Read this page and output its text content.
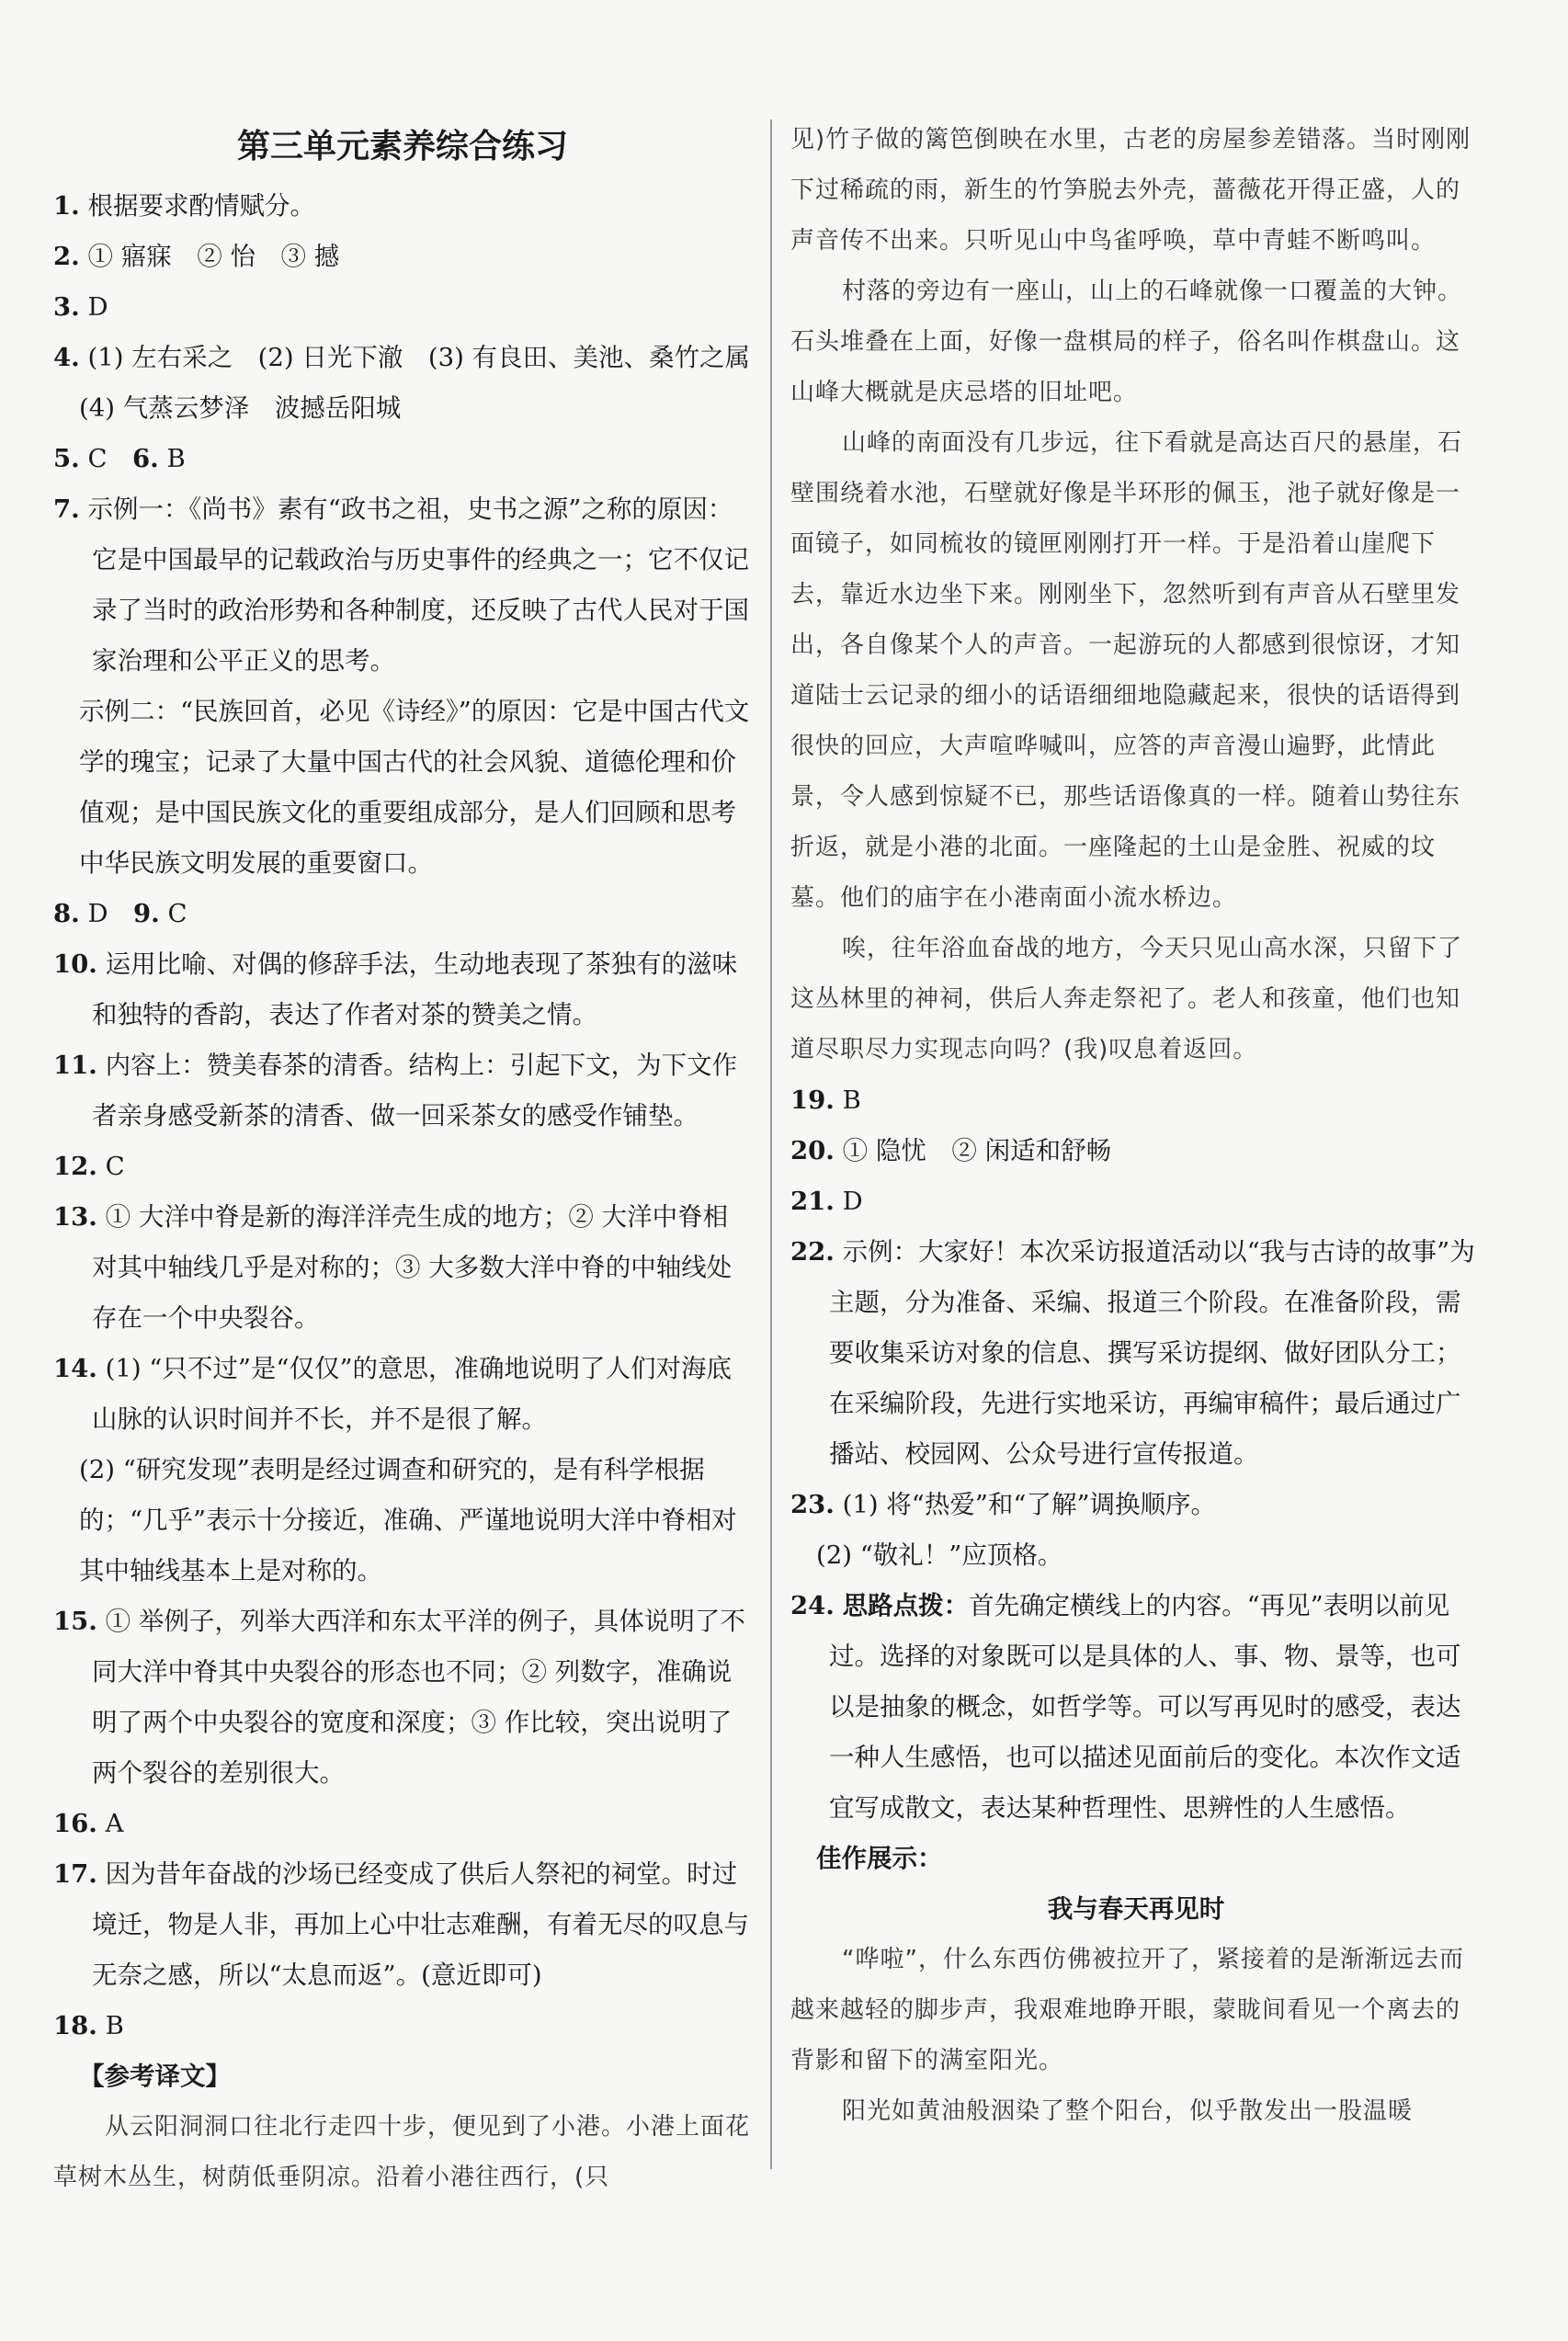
第三单元素养综合练习

1. 根据要求酌情赋分。

2. ① 寤寐　② 怡　③ 撼

3. D

4. (1) 左右采之　(2) 日光下澈　(3) 有良田、美池、桑竹之属

(4) 气蒸云梦泽　波撼岳阳城

5. C　 6. B

7. 示例一：《尚书》素有“政书之祖，史书之源”之称的原因：它是中国最早的记载政治与历史事件的经典之一；它不仅记录了当时的政治形势和各种制度，还反映了古代人民对于国家治理和公平正义的思考。

示例二：“民族回首，必见《诗经》”的原因：它是中国古代文学的瑰宝；记录了大量中国古代的社会风貌、道德伦理和价值观；是中国民族文化的重要组成部分，是人们回顾和思考中华民族文明发展的重要窗口。

8. D　 9. C

10. 运用比喻、对偶的修辞手法，生动地表现了茶独有的滋味和独特的香韵，表达了作者对茶的赞美之情。

11. 内容上：赞美春茶的清香。结构上：引起下文，为下文作者亲身感受新茶的清香、做一回采茶女的感受作铺垫。

12. C

13. ① 大洋中脊是新的海洋洋壳生成的地方；② 大洋中脊相对其中轴线几乎是对称的；③ 大多数大洋中脊的中轴线处存在一个中央裂谷。

14. (1) “只不过”是“仅仅”的意思，准确地说明了人们对海底山脉的认识时间并不长，并不是很了解。

(2) “研究发现”表明是经过调查和研究的，是有科学根据的；“几乎”表示十分接近，准确、严谨地说明大洋中脊相对其中轴线基本上是对称的。

15. ① 举例子，列举大西洋和东太平洋的例子，具体说明了不同大洋中脊其中央裂谷的形态也不同；② 列数字，准确说明了两个中央裂谷的宽度和深度；③ 作比较，突出说明了两个裂谷的差别很大。

16. A

17. 因为昔年奋战的沙场已经变成了供后人祭祀的祠堂。时过境迁，物是人非，再加上心中壮志难酬，有着无尽的叹息与无奈之感，所以“太息而返”。(意近即可)

18. B

【参考译文】

从云阳洞洞口往北行走四十步，便见到了小港。小港上面花草树木丛生，树荫低垂阴凉。沿着小港往西行，(只

见)竹子做的篱笆倒映在水里，古老的房屋参差错落。当时刚刚下过稀疏的雨，新生的竹笋脱去外壳，蔷薇花开得正盛，人的声音传不出来。只听见山中鸟雀呼唤，草中青蛙不断鸣叫。

村落的旁边有一座山，山上的石峰就像一口覆盖的大钟。石头堆叠在上面，好像一盘棋局的样子，俗名叫作棋盘山。这山峰大概就是庆忌塔的旧址吧。

山峰的南面没有几步远，往下看就是高达百尺的悬崖，石壁围绕着水池，石壁就好像是半环形的佩玉，池子就好像是一面镜子，如同梳妆的镜匣刚刚打开一样。于是沿着山崖爬下去，靠近水边坐下来。刚刚坐下，忽然听到有声音从石壁里发出，各自像某个人的声音。一起游玩的人都感到很惊讶，才知道陆士云记录的细小的话语细细地隐藏起来，很快的话语得到很快的回应，大声喧哗喊叫，应答的声音漫山遍野，此情此景，令人感到惊疑不已，那些话语像真的一样。随着山势往东折返，就是小港的北面。一座隆起的土山是金胜、祝威的坟墓。他们的庙宇在小港南面小流水桥边。

唉，往年浴血奋战的地方，今天只见山高水深，只留下了这丛林里的神祠，供后人奔走祭祀了。老人和孩童，他们也知道尽职尽力实现志向吗？(我)叹息着返回。

19. B

20. ① 隐忧　② 闲适和舒畅

21. D

22. 示例：大家好！本次采访报道活动以“我与古诗的故事”为主题，分为准备、采编、报道三个阶段。在准备阶段，需要收集采访对象的信息、撰写采访提纲、做好团队分工；在采编阶段，先进行实地采访，再编审稿件；最后通过广播站、校园网、公众号进行宣传报道。

23. (1) 将“热爱”和“了解”调换顺序。

(2) “敬礼！”应顶格。

24. 思路点拨：首先确定横线上的内容。“再见”表明以前见过。选择的对象既可以是具体的人、事、物、景等，也可以是抽象的概念，如哲学等。可以写再见时的感受，表达一种人生感悟，也可以描述见面前后的变化。本次作文适宜写成散文，表达某种哲理性、思辨性的人生感悟。

佳作展示：

我与春天再见时

“哗啦”，什么东西仿佛被拉开了，紧接着的是渐渐远去而越来越轻的脚步声，我艰难地睁开眼，蒙眬间看见一个离去的背影和留下的满室阳光。

阳光如黄油般洇染了整个阳台，似乎散发出一股温暖
